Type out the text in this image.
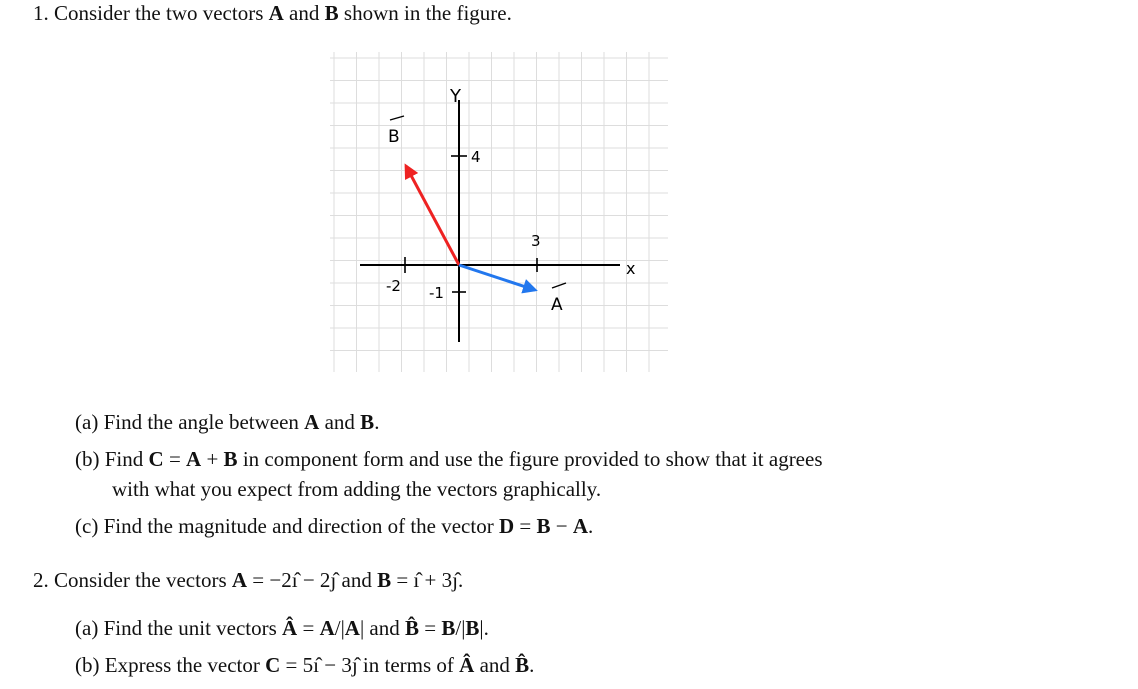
1. Consider the two vectors A and B shown in the figure.
Y
x
4
-1
3
-2
B
A
(a) Find the angle between A and B.
(b) Find C = A + B in component form and use the figure provided to show that it agrees
with what you expect from adding the vectors graphically.
(c) Find the magnitude and direction of the vector D = B − A.
2. Consider the vectors A = −2ı̂ − 2ȷ̂ and B = ı̂ + 3ȷ̂.
(a) Find the unit vectors Â = A/|A| and B̂ = B/|B|.
(b) Express the vector C = 5ı̂ − 3ȷ̂ in terms of Â and B̂.
